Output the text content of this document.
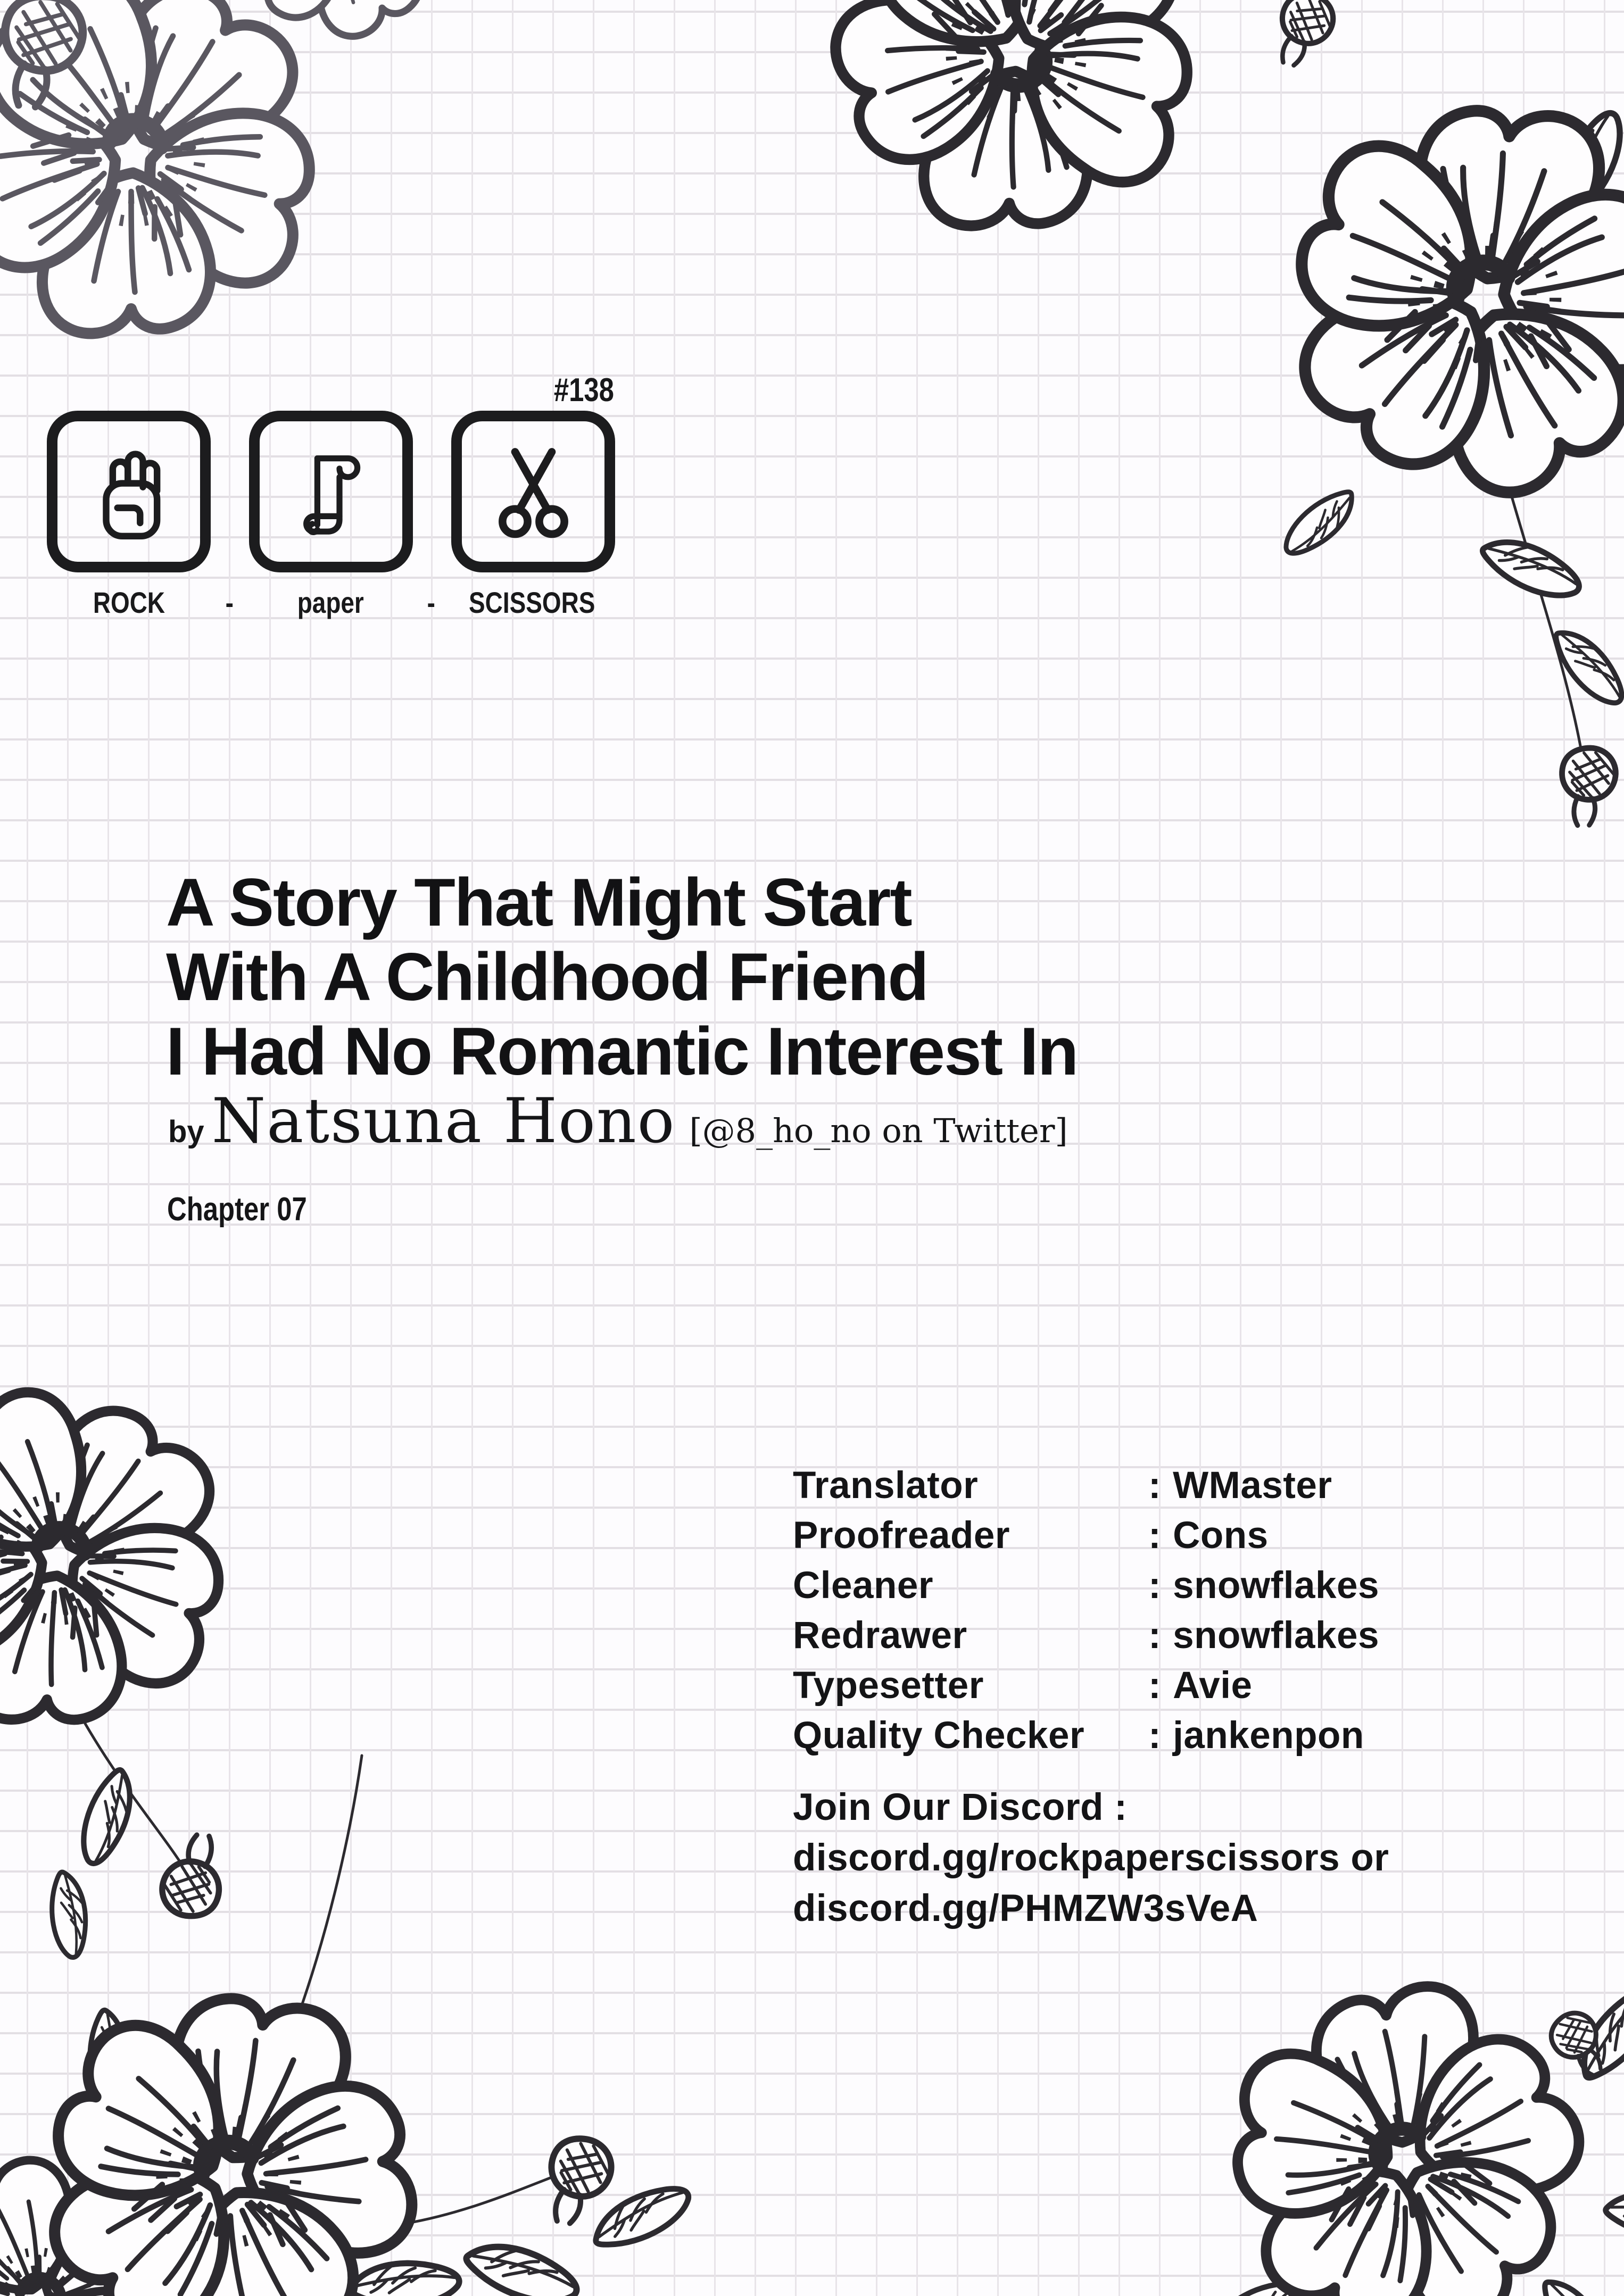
#138
ROCK	-	paper	-	SCISSORS
A Story That Might Start
With A Childhood Friend
I Had No Romantic Interest In
by Natsuna Hono [@8_ho_no on Twitter]
Chapter 07
Translator	: WMaster
Proofreader	: Cons
Cleaner	: snowflakes
Redrawer	: snowflakes
Typesetter	: Avie
Quality Checker	: jankenpon
Join Our Discord :
discord.gg/rockpaperscissors or
discord.gg/PHMZW3sVeA
